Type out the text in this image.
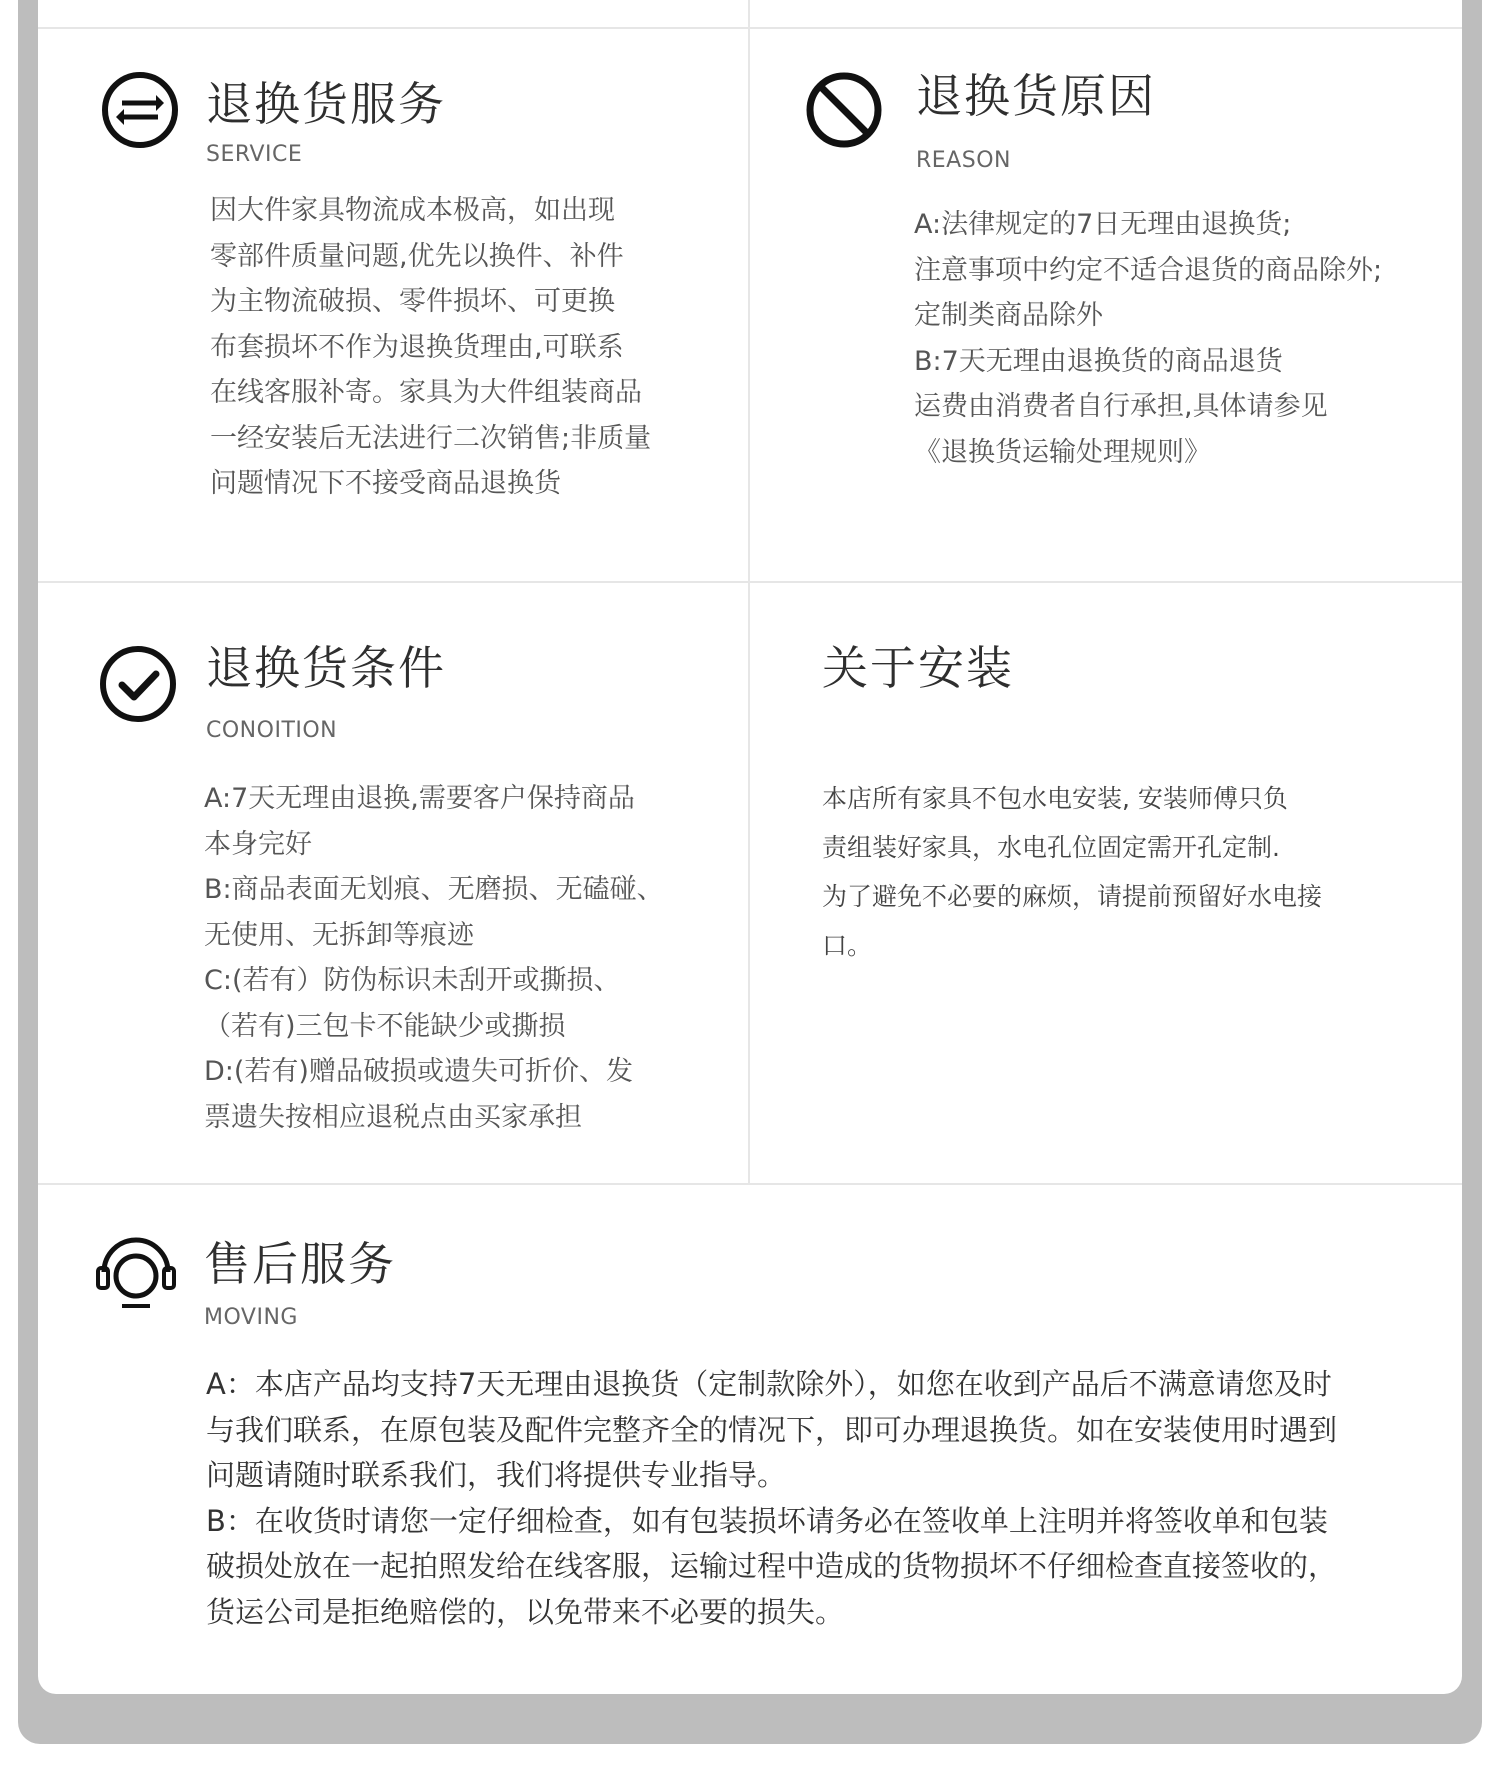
退换货服务
SERVICE
因大件家具物流成本极高，如出现
零部件质量问题,优先以换件、补件
为主物流破损、零件损坏、可更换
布套损坏不作为退换货理由,可联系
在线客服补寄。家具为大件组装商品
一经安装后无法进行二次销售;非质量
问题情况下不接受商品退换货
退换货原因
REASON
A:法律规定的7日无理由退换货;
注意事项中约定不适合退货的商品除外;
定制类商品除外
B:7天无理由退换货的商品退货
运费由消费者自行承担,具体请参见
《退换货运输处理规则》
退换货条件
CONOITION
A:7天无理由退换,需要客户保持商品
本身完好
B:商品表面无划痕、无磨损、无磕碰、
无使用、无拆卸等痕迹
C:(若有）防伪标识未刮开或撕损、
（若有)三包卡不能缺少或撕损
D:(若有)赠品破损或遗失可折价、发
票遗失按相应退税点由买家承担
关于安装
本店所有家具不包水电安装, 安装师傅只负
责组装好家具，水电孔位固定需开孔定制.
为了避免不必要的麻烦，请提前预留好水电接
口。
售后服务
MOVING
A：本店产品均支持7天无理由退换货（定制款除外），如您在收到产品后不满意请您及时
与我们联系，在原包装及配件完整齐全的情况下，即可办理退换货。如在安装使用时遇到
问题请随时联系我们，我们将提供专业指导。
B：在收货时请您一定仔细检查，如有包装损坏请务必在签收单上注明并将签收单和包装
破损处放在一起拍照发给在线客服，运输过程中造成的货物损坏不仔细检查直接签收的，
货运公司是拒绝赔偿的，以免带来不必要的损失。
